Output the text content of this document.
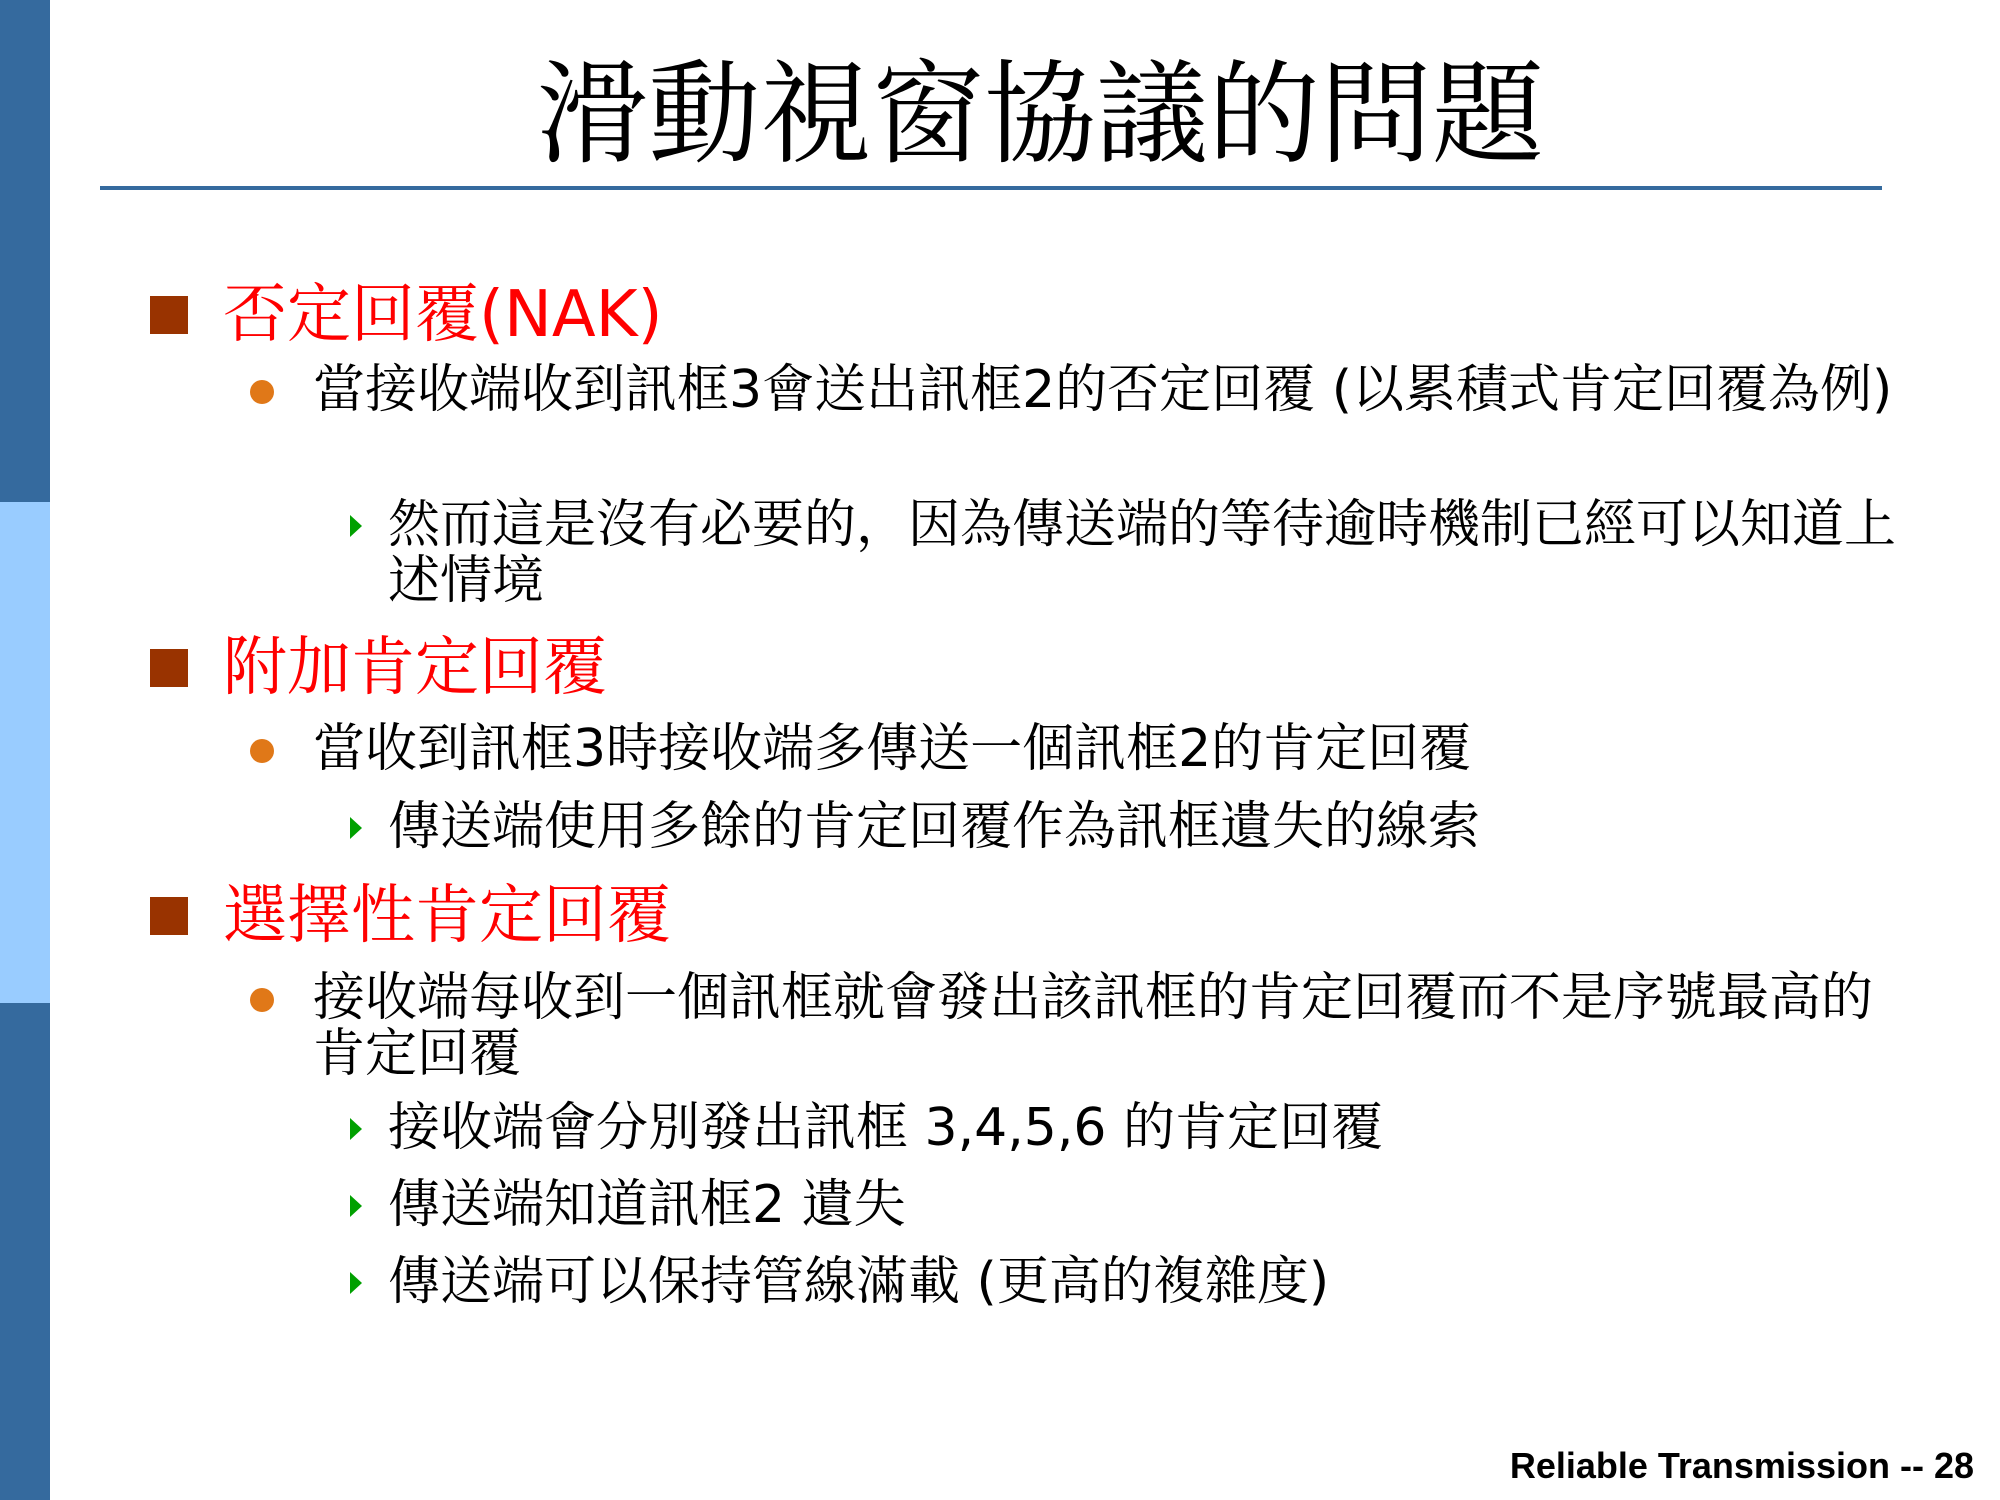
滑動視窗協議的問題
否定回覆(NAK)
當接收端收到訊框3會送出訊框2的否定回覆 (以累積式肯定回覆為例)
然而這是沒有必要的，因為傳送端的等待逾時機制已經可以知道上述情境
附加肯定回覆
當收到訊框3時接收端多傳送一個訊框2的肯定回覆
傳送端使用多餘的肯定回覆作為訊框遺失的線索
選擇性肯定回覆
接收端每收到一個訊框就會發出該訊框的肯定回覆而不是序號最高的肯定回覆
接收端會分別發出訊框 3,4,5,6 的肯定回覆
傳送端知道訊框2 遺失
傳送端可以保持管線滿載 (更高的複雜度)
Reliable Transmission -- 28
